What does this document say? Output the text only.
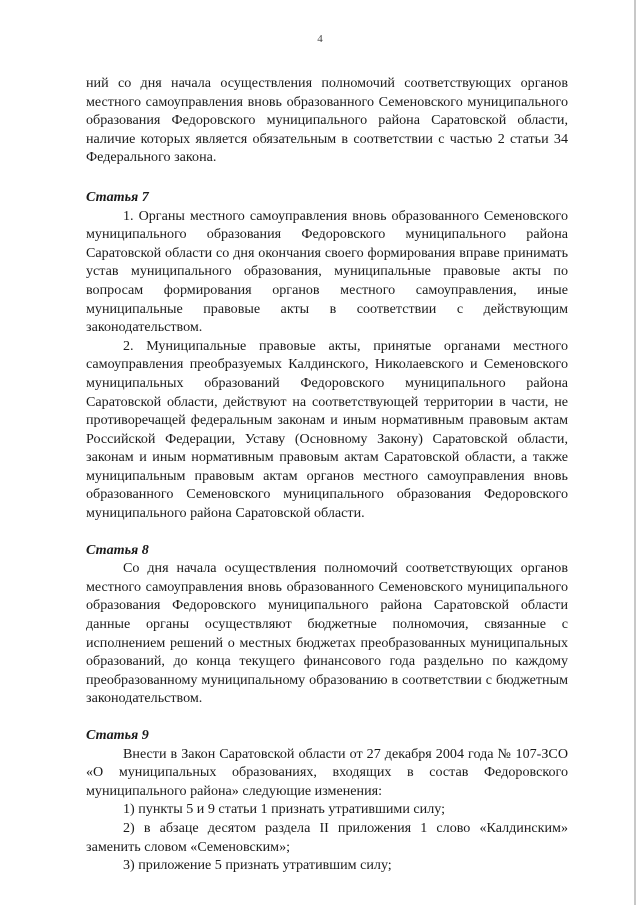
4

ний со дня начала осуществления полномочий соответствующих органов местного самоуправления вновь образованного Семеновского муниципального образования Федоровского муниципального района Саратовской области, наличие которых является обязательным в соответствии с частью 2 статьи 34 Федерального закона.

Статья 7

1. Органы местного самоуправления вновь образованного Семеновского муниципального образования Федоровского муниципального района Саратовской области со дня окончания своего формирования вправе принимать устав муниципального образования, муниципальные правовые акты по вопросам формирования органов местного самоуправления, иные муниципальные правовые акты в соответствии с действующим законодательством.

2. Муниципальные правовые акты, принятые органами местного самоуправления преобразуемых Калдинского, Николаевского и Семеновского муниципальных образований Федоровского муниципального района Саратовской области, действуют на соответствующей территории в части, не противоречащей федеральным законам и иным нормативным правовым актам Российской Федерации, Уставу (Основному Закону) Саратовской области, законам и иным нормативным правовым актам Саратовской области, а также муниципальным правовым актам органов местного самоуправления вновь образованного Семеновского муниципального образования Федоровского муниципального района Саратовской области.

Статья 8

Со дня начала осуществления полномочий соответствующих органов местного самоуправления вновь образованного Семеновского муниципального образования Федоровского муниципального района Саратовской области данные органы осуществляют бюджетные полномочия, связанные с исполнением решений о местных бюджетах преобразованных муниципальных образований, до конца текущего финансового года раздельно по каждому преобразованному муниципальному образованию в соответствии с бюджетным законодательством.

Статья 9

Внести в Закон Саратовской области от 27 декабря 2004 года № 107-ЗСО «О муниципальных образованиях, входящих в состав Федоровского муниципального района» следующие изменения:

1) пункты 5 и 9 статьи 1 признать утратившими силу;

2) в абзаце десятом раздела II приложения 1 слово «Калдинским» заменить словом «Семеновским»;

3) приложение 5 признать утратившим силу;
